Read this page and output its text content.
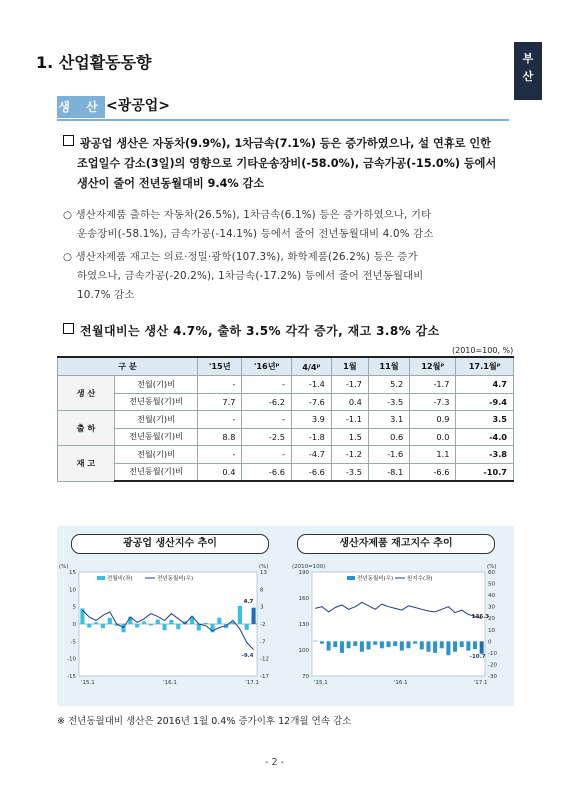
1. 산업활동동향	부
산
생 산 <광공업>
광공업 생산은 자동차(9.9%), 1차금속(7.1%) 등은 증가하였으나, 설 연휴로 인한
조업일수 감소(3일)의 영향으로 기타운송장비(-58.0%), 금속가공(-15.0%) 등에서
생산이 줄어 전년동월대비 9.4% 감소
○ 생산자제품 출하는 자동차(26.5%), 1차금속(6.1%) 등은 증가하였으나, 기타
운송장비(-58.1%), 금속가공(-14.1%) 등에서 줄어 전년동월대비 4.0% 감소
○ 생산자제품 재고는 의료·정밀·광학(107.3%), 화학제품(26.2%) 등은 증가
하였으나, 금속가공(-20.2%), 1차금속(-17.2%) 등에서 줄어 전년동월대비
10.7% 감소
전월대비는 생산 4.7%, 출하 3.5% 각각 증가, 재고 3.8% 감소
(2010=100, %)
구 분		'15년	'16년ᵖ	4/4ᵖ	1월	11월	12월ᵖ	17.1월ᵖ
생 산	전월(기)비	-	-	-1.4	-1.7	5.2	-1.7	4.7
	전년동월(기)비	7.7	-6.2	-7.6	0.4	-3.5	-7.3	-9.4
출 하	전월(기)비	-	-	3.9	-1.1	3.1	0.9	3.5
	전년동월(기)비	8.8	-2.5	-1.8	1.5	0.6	0.0	-4.0
재 고	전월(기)비	-	-	-4.7	-1.2	-1.6	1.1	-3.8
	전년동월(기)비	0.4	-6.6	-6.6	-3.5	-8.1	-6.6	-10.7
광공업 생산지수 추이	생산자제품 재고지수 추이
(%)	(%)
15
10
5
0
-5
-10
-15
13
8
3
-2
-7
-12
-17
'15.1	'16.1	'17.1
전월비(좌)	전년동월비(우)
4.7
-9.4
(2010=100)	(%)
190
160
130
100
70
60
50
40
30
20
10
0
-10
-20
-30
'15.1	'16.1	'17.1
전년동월비(우)	원지수(좌)
136.3
-10.7
※ 전년동월대비 생산은 2016년 1월 0.4% 증가이후 12개월 연속 감소
- 2 -
